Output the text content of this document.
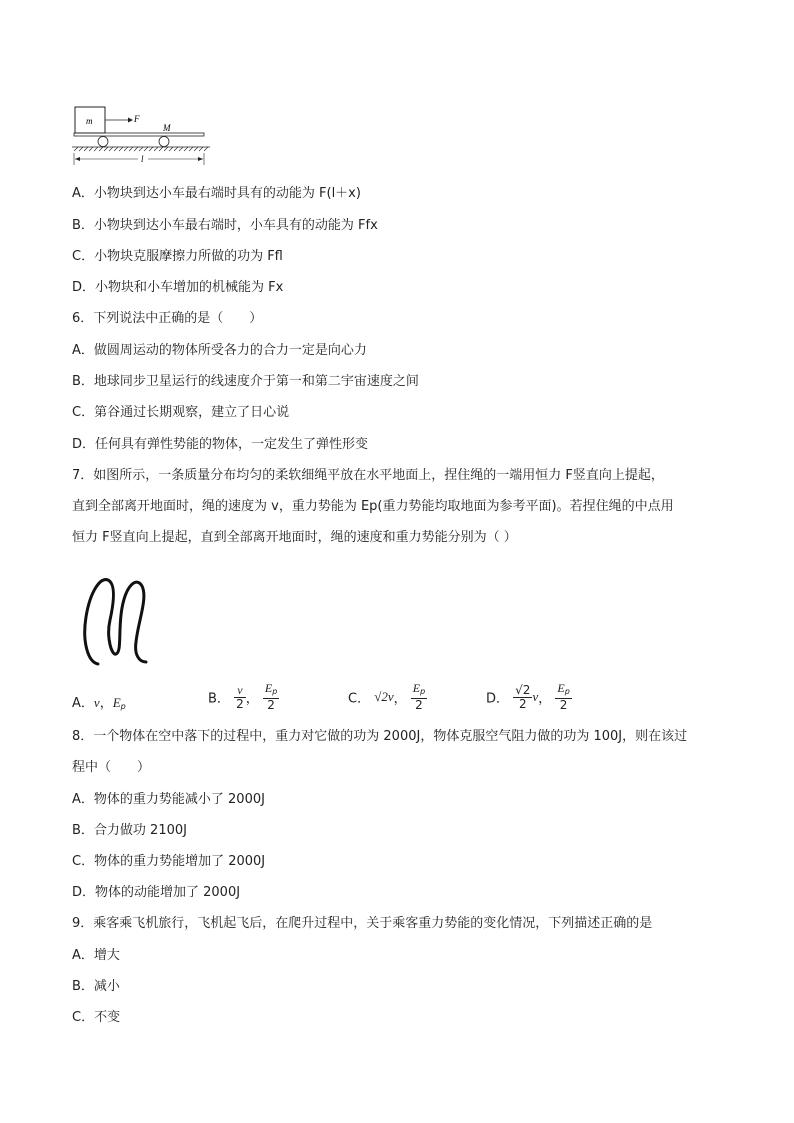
m	F
M
l
A．小物块到达小车最右端时具有的动能为 F(l＋x)
B．小物块到达小车最右端时，小车具有的动能为 Ffx
C．小物块克服摩擦力所做的功为 Ffl
D．小物块和小车增加的机械能为 Fx
6．下列说法中正确的是（　　）
A．做圆周运动的物体所受各力的合力一定是向心力
B．地球同步卫星运行的线速度介于第一和第二宇宙速度之间
C．第谷通过长期观察，建立了日心说
D．任何具有弹性势能的物体，一定发生了弹性形变
7．如图所示，一条质量分布均匀的柔软细绳平放在水平地面上，捏住绳的一端用恒力 F竖直向上提起，
直到全部离开地面时，绳的速度为 v，重力势能为 Ep(重力势能均取地面为参考平面)。若捏住绳的中点用
恒力 F竖直向上提起，直到全部离开地面时，绳的速度和重力势能分别为（ ）
A．v，$E_p$	B． $\frac{v}{2}$ ， $\frac{E_p}{2}$	C． √2v， $\frac{E_p}{2}$	D． $\frac{√2}{2}$ v， $\frac{E_p}{2}$
8．一个物体在空中落下的过程中，重力对它做的功为 2000J，物体克服空气阻力做的功为 100J，则在该过
程中（　　）
A．物体的重力势能减小了 2000J
B．合力做功 2100J
C．物体的重力势能增加了 2000J
D．物体的动能增加了 2000J
9．乘客乘飞机旅行，飞机起飞后，在爬升过程中，关于乘客重力势能的变化情况，下列描述正确的是
A．增大
B．减小
C．不变
